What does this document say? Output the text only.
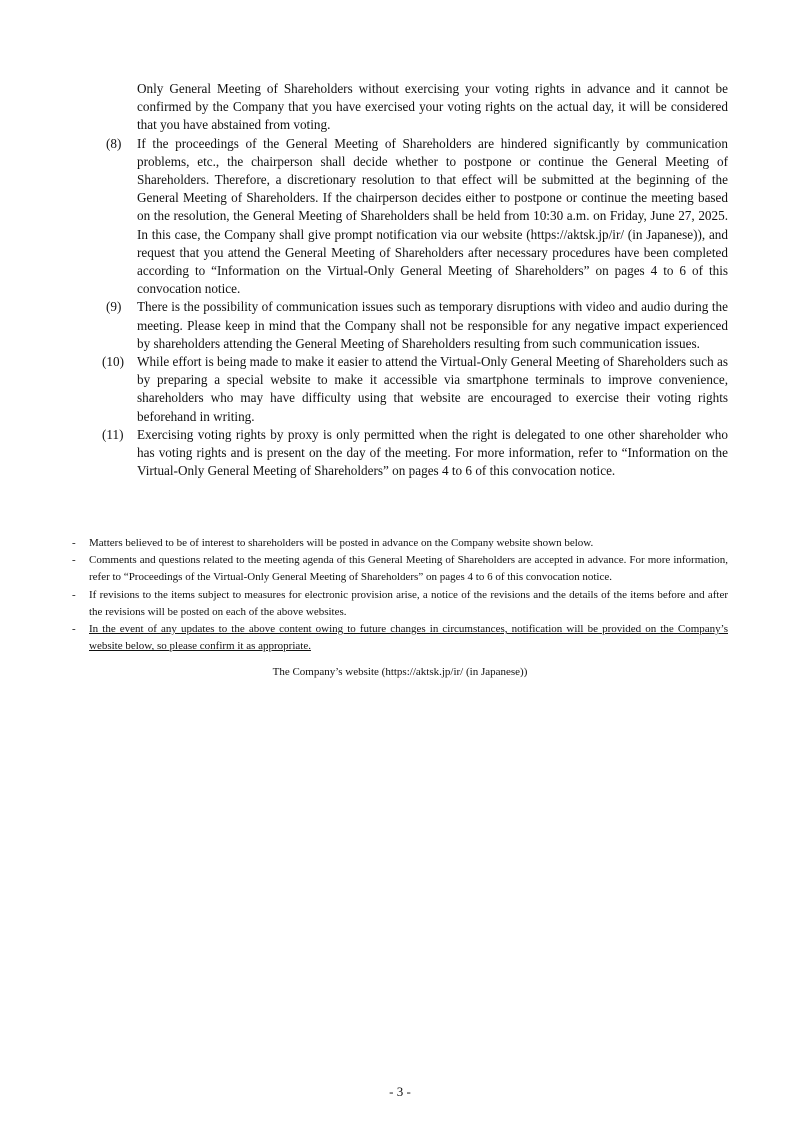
Only General Meeting of Shareholders without exercising your voting rights in advance and it cannot be confirmed by the Company that you have exercised your voting rights on the actual day, it will be considered that you have abstained from voting.
(8)	If the proceedings of the General Meeting of Shareholders are hindered significantly by communication problems, etc., the chairperson shall decide whether to postpone or continue the General Meeting of Shareholders. Therefore, a discretionary resolution to that effect will be submitted at the beginning of the General Meeting of Shareholders. If the chairperson decides either to postpone or continue the meeting based on the resolution, the General Meeting of Shareholders shall be held from 10:30 a.m. on Friday, June 27, 2025. In this case, the Company shall give prompt notification via our website (https://aktsk.jp/ir/ (in Japanese)), and request that you attend the General Meeting of Shareholders after necessary procedures have been completed according to “Information on the Virtual-Only General Meeting of Shareholders” on pages 4 to 6 of this convocation notice.
(9)	There is the possibility of communication issues such as temporary disruptions with video and audio during the meeting. Please keep in mind that the Company shall not be responsible for any negative impact experienced by shareholders attending the General Meeting of Shareholders resulting from such communication issues.
(10) While effort is being made to make it easier to attend the Virtual-Only General Meeting of Shareholders such as by preparing a special website to make it accessible via smartphone terminals to improve convenience, shareholders who may have difficulty using that website are encouraged to exercise their voting rights beforehand in writing.
(11)	Exercising voting rights by proxy is only permitted when the right is delegated to one other shareholder who has voting rights and is present on the day of the meeting. For more information, refer to “Information on the Virtual-Only General Meeting of Shareholders” on pages 4 to 6 of this convocation notice.
-	Matters believed to be of interest to shareholders will be posted in advance on the Company website shown below.
-	Comments and questions related to the meeting agenda of this General Meeting of Shareholders are accepted in advance. For more information, refer to “Proceedings of the Virtual-Only General Meeting of Shareholders” on pages 4 to 6 of this convocation notice.
-	If revisions to the items subject to measures for electronic provision arise, a notice of the revisions and the details of the items before and after the revisions will be posted on each of the above websites.
-	In the event of any updates to the above content owing to future changes in circumstances, notification will be provided on the Company’s website below, so please confirm it as appropriate.
The Company’s website (https://aktsk.jp/ir/ (in Japanese))
- 3 -
